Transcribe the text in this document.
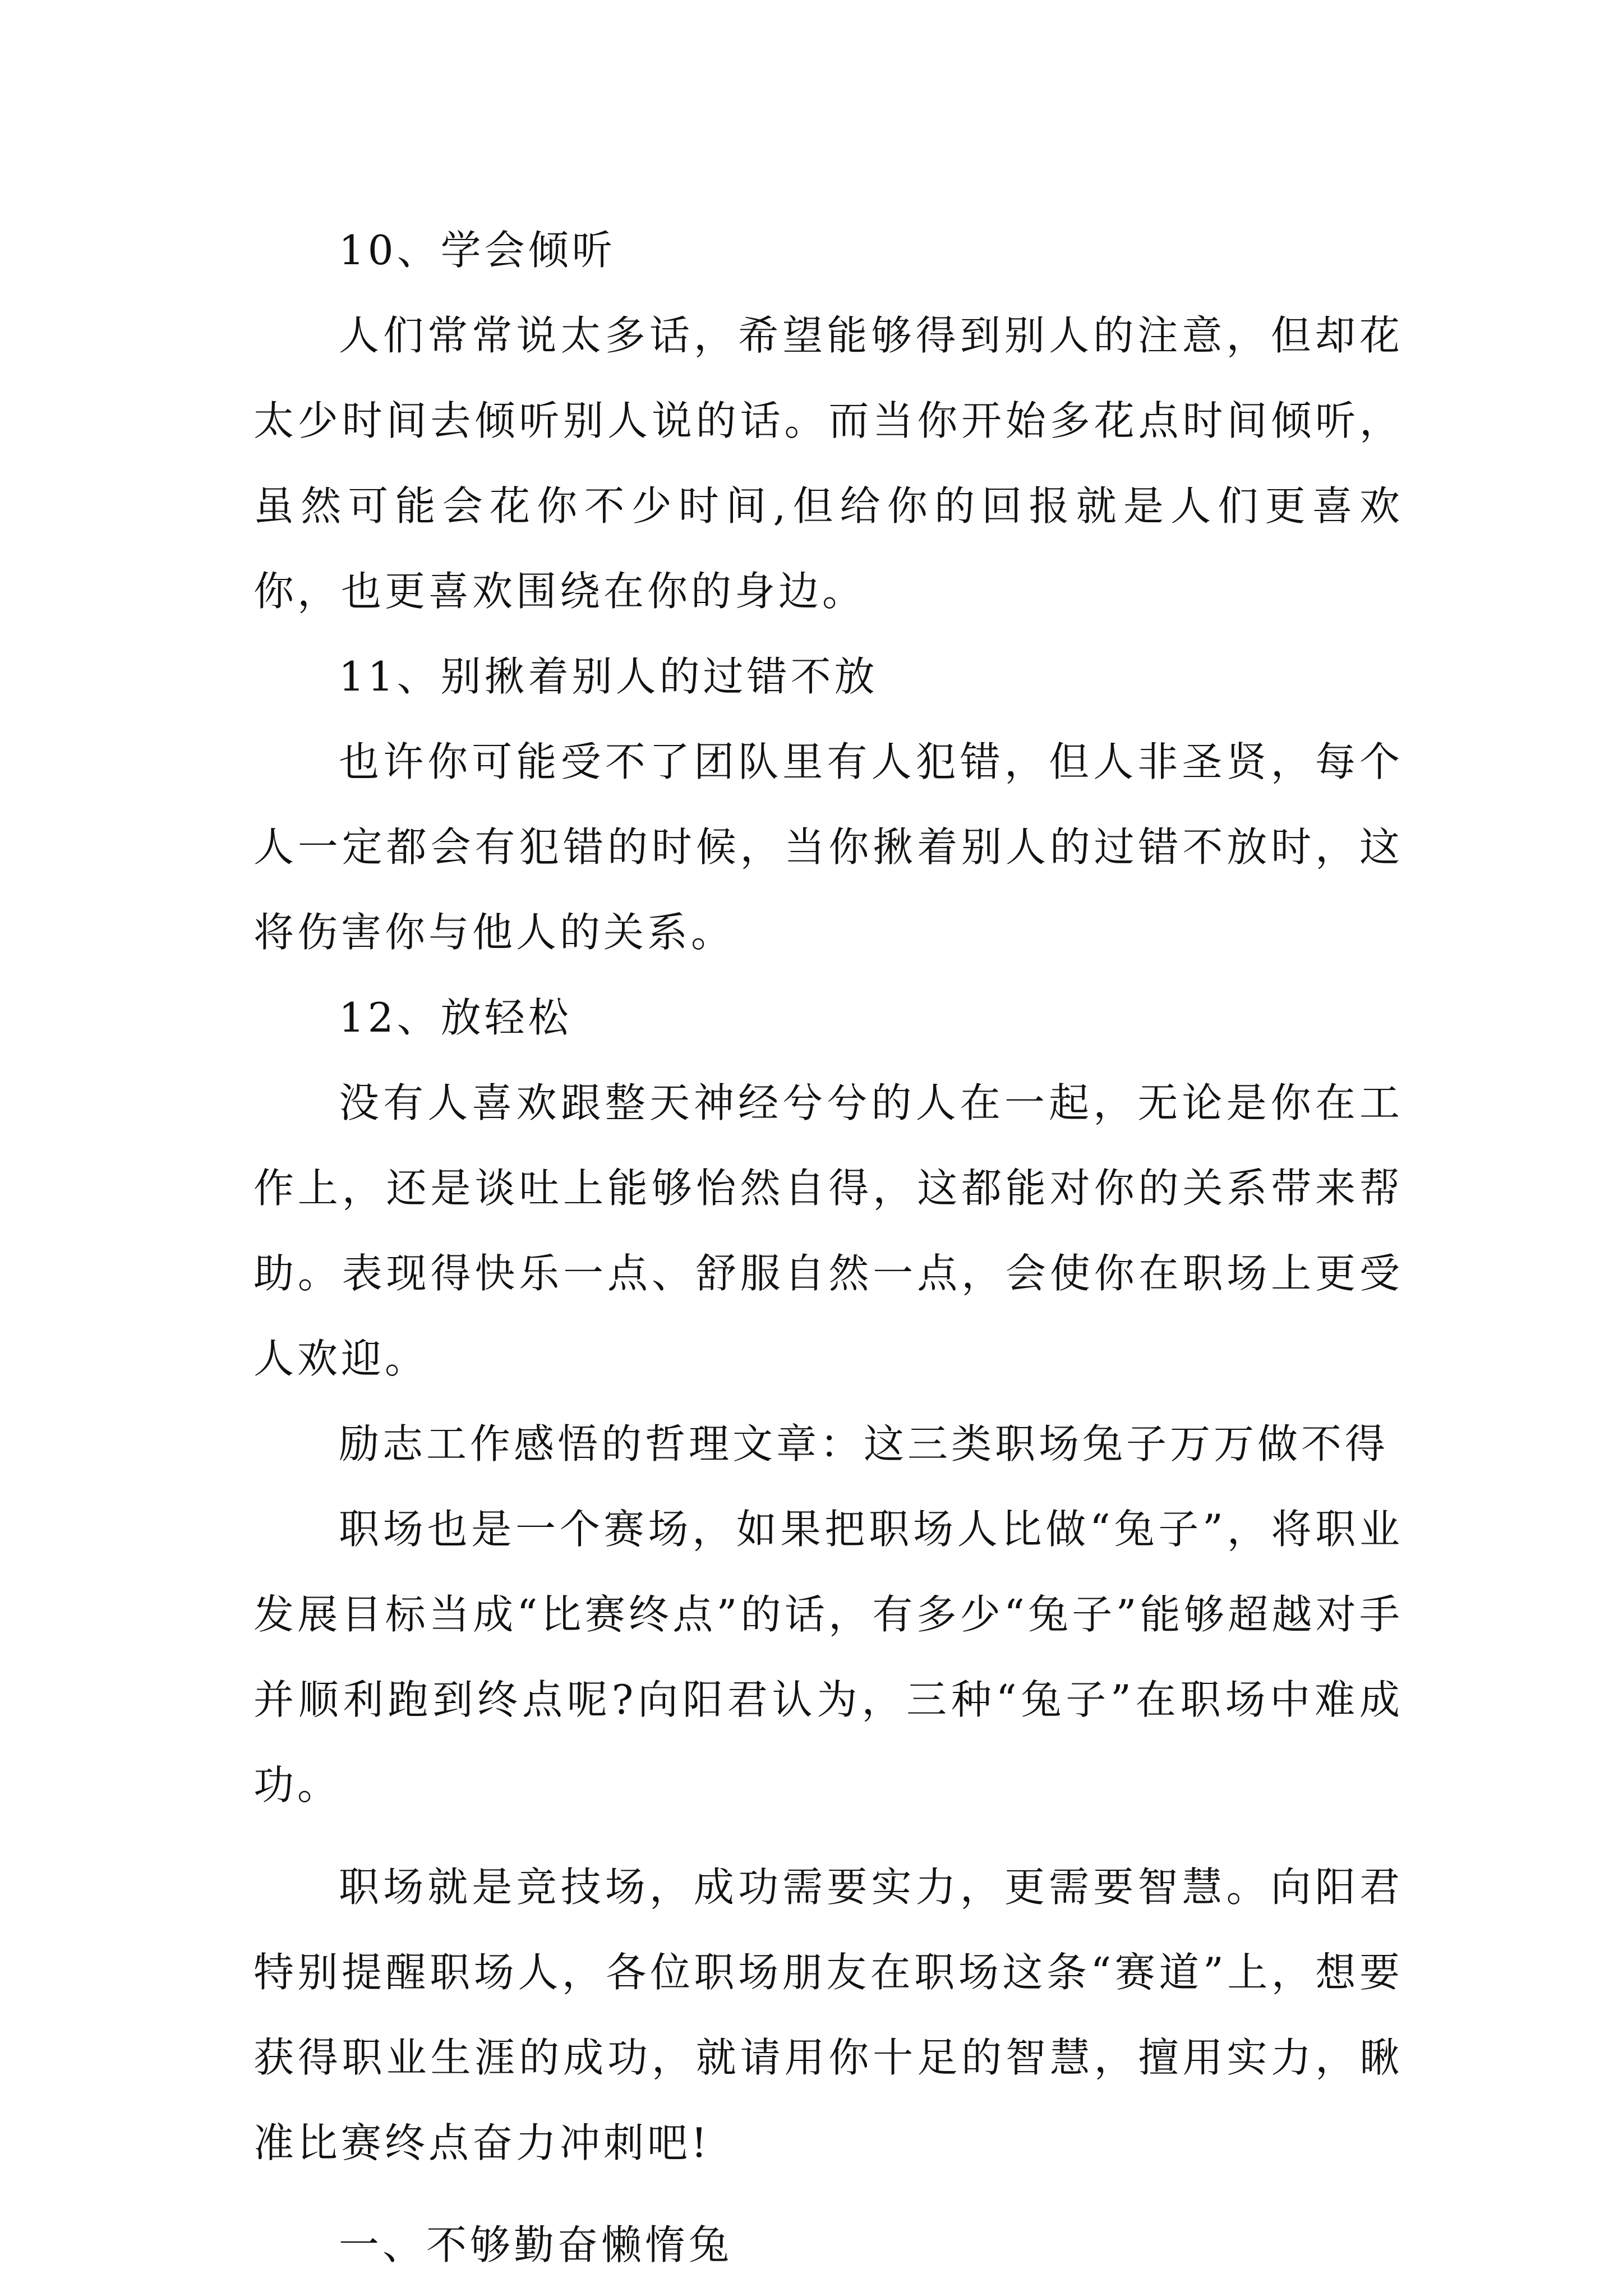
10、学会倾听

人们常常说太多话，希望能够得到别人的注意，但却花太少时间去倾听别人说的话。而当你开始多花点时间倾听，虽然可能会花你不少时间,但给你的回报就是人们更喜欢你，也更喜欢围绕在你的身边。

11、别揪着别人的过错不放

也许你可能受不了团队里有人犯错，但人非圣贤，每个人一定都会有犯错的时候，当你揪着别人的过错不放时，这将伤害你与他人的关系。

12、放轻松

没有人喜欢跟整天神经兮兮的人在一起，无论是你在工作上，还是谈吐上能够怡然自得，这都能对你的关系带来帮助。表现得快乐一点、舒服自然一点，会使你在职场上更受人欢迎。

励志工作感悟的哲理文章：这三类职场兔子万万做不得

职场也是一个赛场，如果把职场人比做“兔子”，将职业发展目标当成“比赛终点”的话，有多少“兔子”能够超越对手并顺利跑到终点呢?向阳君认为，三种“兔子”在职场中难成功。

职场就是竞技场，成功需要实力，更需要智慧。向阳君特别提醒职场人，各位职场朋友在职场这条“赛道”上，想要获得职业生涯的成功，就请用你十足的智慧，擅用实力，瞅准比赛终点奋力冲刺吧!

一、不够勤奋懒惰兔
